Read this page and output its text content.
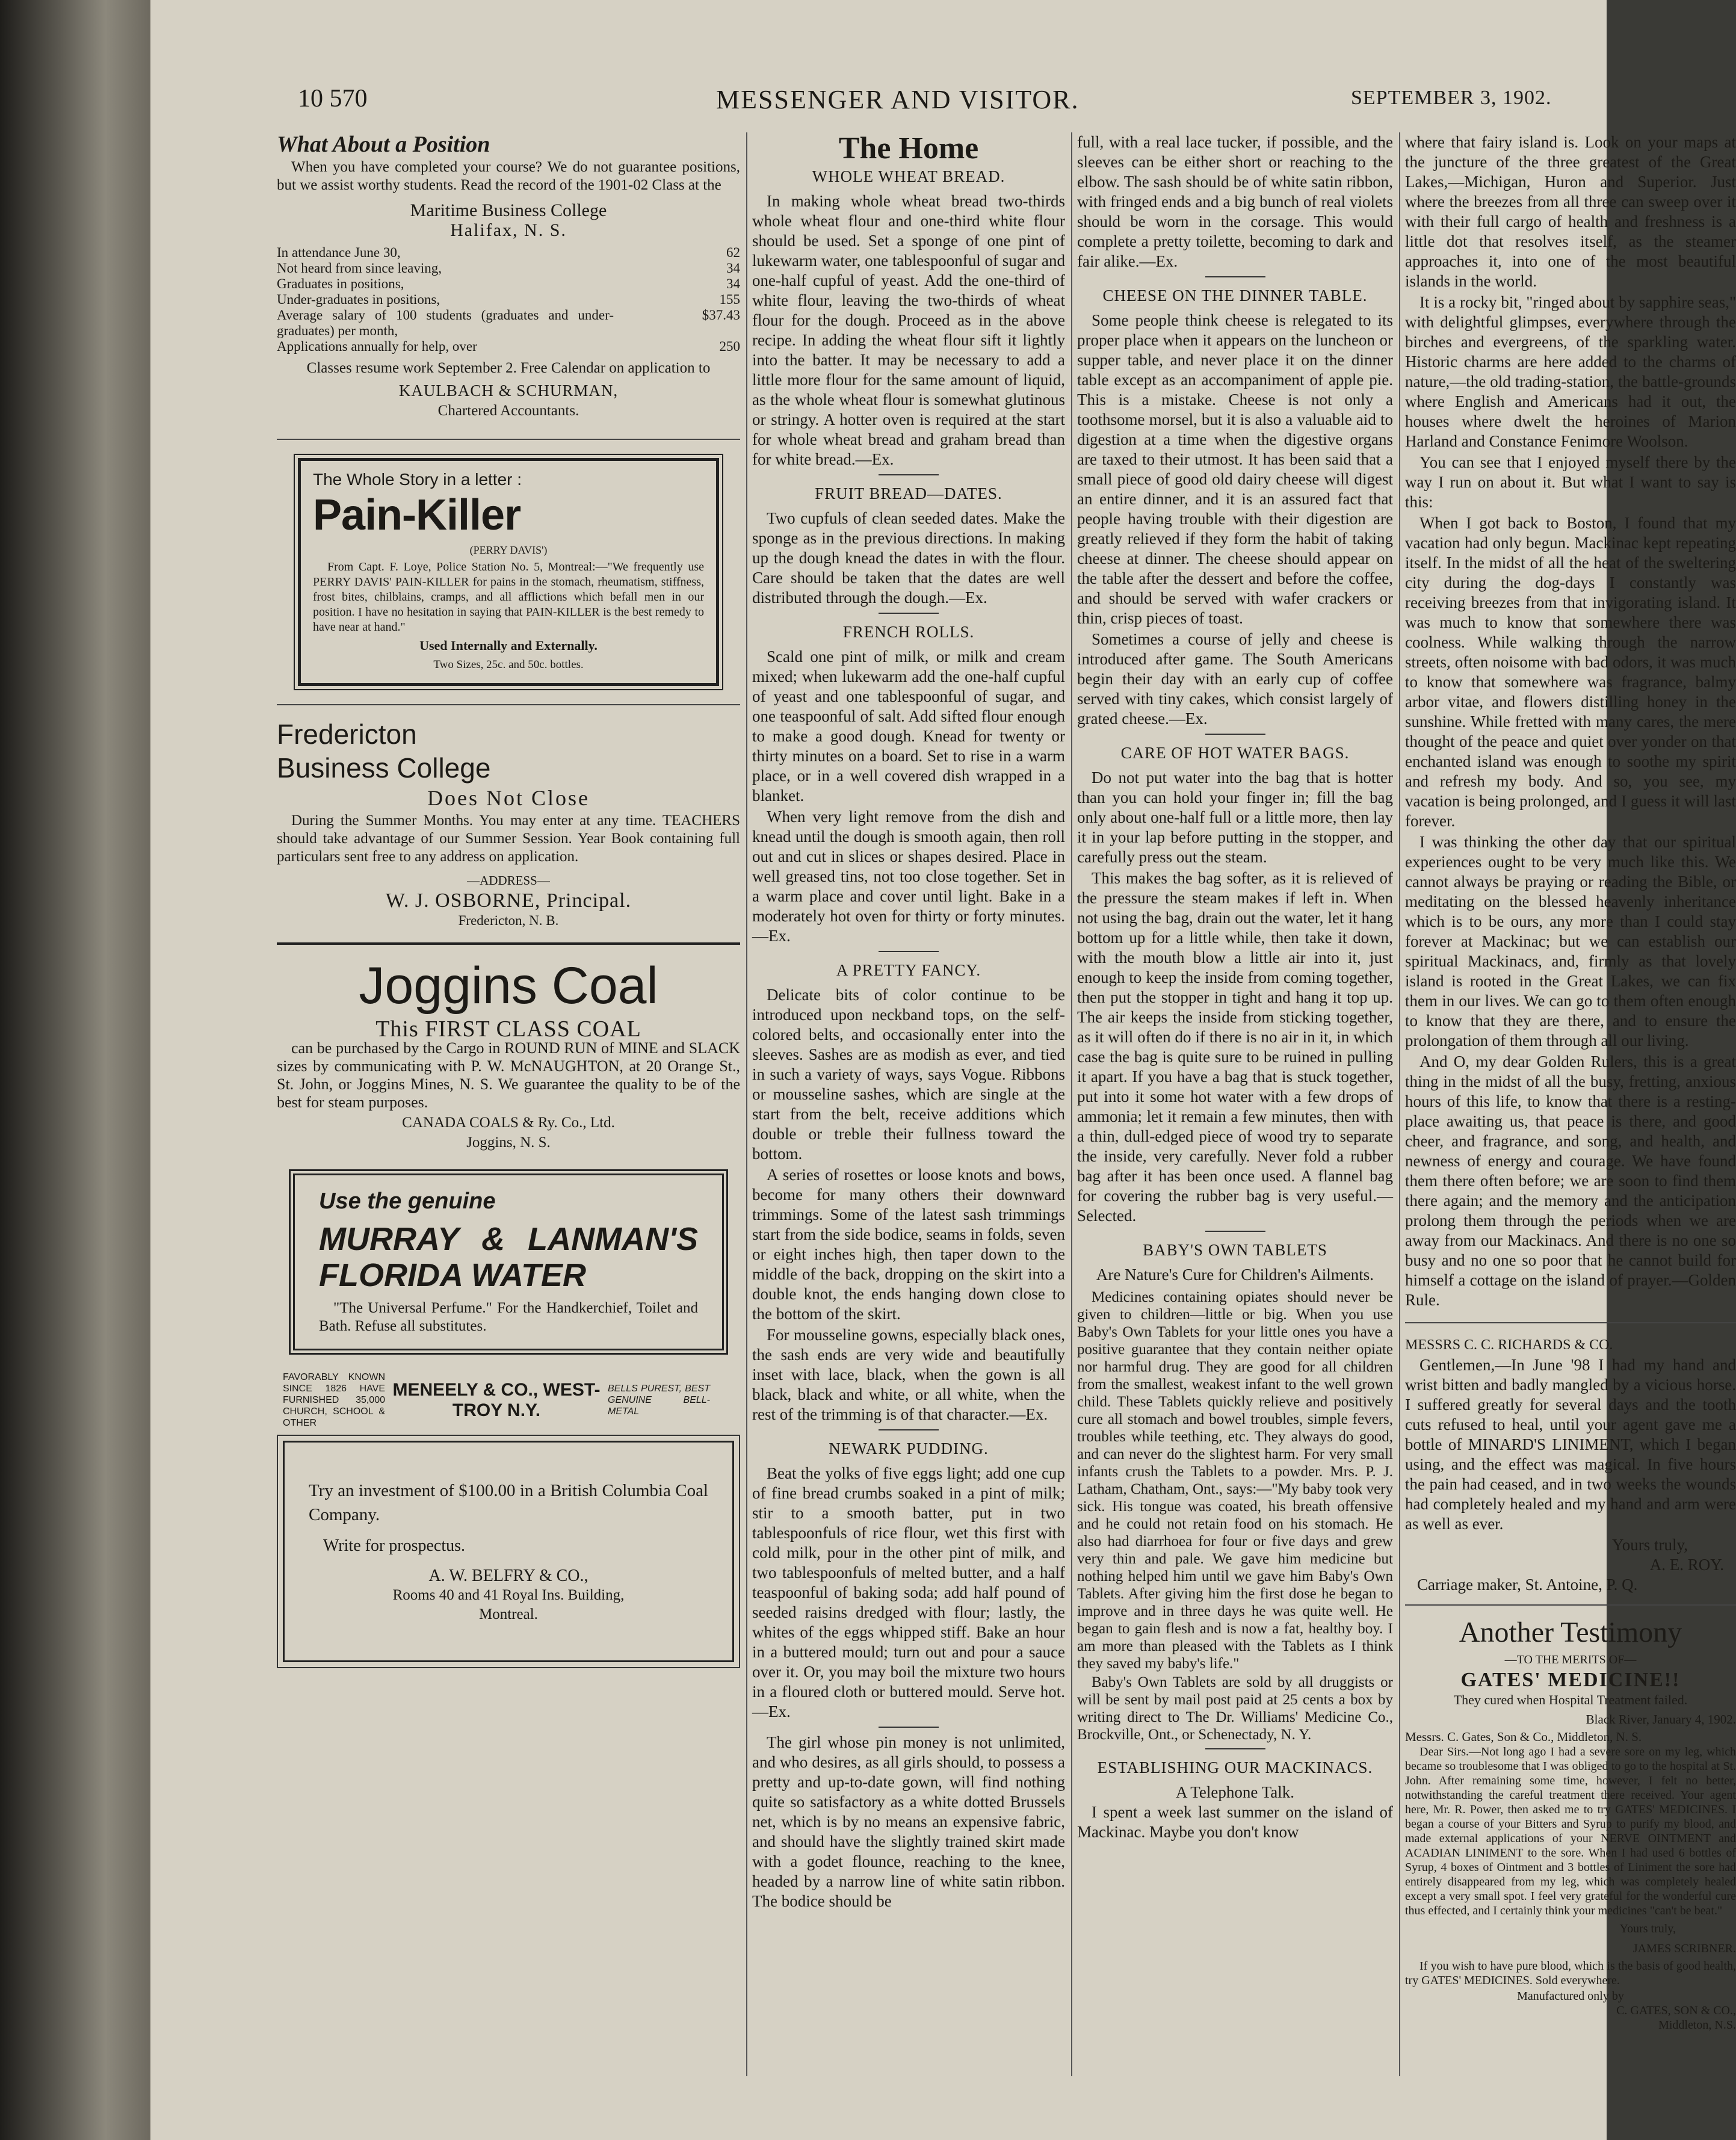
10 570	MESSENGER AND VISITOR.	SEPTEMBER 3, 1902.
What About a Position

When you have completed your course? We do not guarantee positions, but we assist worthy students. Read the record of the 1901-02 Class at the

Maritime Business College
Halifax, N. S.
In attendance June 30,	62
Not heard from since leaving,	34
Graduates in positions,	34
Under-graduates in positions,	155
Average salary of 100 students (graduates and under-graduates) per month,
$37.43
Applications annually for help, over	250
Classes resume work September 2. Free Calendar on application to
KAULBACH & SCHURMAN,
Chartered Accountants.
The Whole Story in a letter :
Pain-Killer
(PERRY DAVIS')

From Capt. F. Loye, Police Station No. 5, Montreal:—"We frequently use PERRY DAVIS' PAIN-KILLER for pains in the stomach, rheumatism, stiffness, frost bites, chilblains, cramps, and all afflictions which befall men in our position. I have no hesitation in saying that PAIN-KILLER is the best remedy to have near at hand."

Used Internally and Externally.
Two Sizes, 25c. and 50c. bottles.
Fredericton
Business College
Does Not Close

During the Summer Months. You may enter at any time. TEACHERS should take advantage of our Summer Session. Year Book containing full particulars sent free to any address on application.

—ADDRESS—
W. J. OSBORNE, Principal.
Fredericton, N. B.
Joggins Coal
This FIRST CLASS COAL

can be purchased by the Cargo in ROUND RUN of MINE and SLACK sizes by communicating with P. W. McNAUGHTON, at 20 Orange St., St. John, or Joggins Mines, N. S. We guarantee the quality to be of the best for steam purposes.

CANADA COALS & Ry. Co., Ltd.
Joggins, N. S.
Use the genuine
MURRAY & LANMAN'S FLORIDA WATER

"The Universal Perfume." For the Handkerchief, Toilet and Bath. Refuse all substitutes.

FAVORABLY KNOWN SINCE 1826 HAVE FURNISHED 35,000 CHURCH, SCHOOL & OTHER
MENEELY & CO., WEST-TROY N.Y.
BELLS PUREST, BEST GENUINE BELL-METAL

Try an investment of $100.00 in a British Columbia Coal Company.

Write for prospectus.

A. W. BELFRY & CO.,
Rooms 40 and 41 Royal Ins. Building,
Montreal.
The Home
WHOLE WHEAT BREAD.

In making whole wheat bread two-thirds whole wheat flour and one-third white flour should be used. Set a sponge of one pint of lukewarm water, one tablespoonful of sugar and one-half cupful of yeast. Add the one-third of white flour, leaving the two-thirds of wheat flour for the dough. Proceed as in the above recipe. In adding the wheat flour sift it lightly into the batter. It may be necessary to add a little more flour for the same amount of liquid, as the whole wheat flour is somewhat glutinous or stringy. A hotter oven is required at the start for whole wheat bread and graham bread than for white bread.—Ex.

FRUIT BREAD—DATES.

Two cupfuls of clean seeded dates. Make the sponge as in the previous directions. In making up the dough knead the dates in with the flour. Care should be taken that the dates are well distributed through the dough.—Ex.

FRENCH ROLLS.

Scald one pint of milk, or milk and cream mixed; when lukewarm add the one-half cupful of yeast and one tablespoonful of sugar, and one teaspoonful of salt. Add sifted flour enough to make a good dough. Knead for twenty or thirty minutes on a board. Set to rise in a warm place, or in a well covered dish wrapped in a blanket.

When very light remove from the dish and knead until the dough is smooth again, then roll out and cut in slices or shapes desired. Place in well greased tins, not too close together. Set in a warm place and cover until light. Bake in a moderately hot oven for thirty or forty minutes.—Ex.

A PRETTY FANCY.

Delicate bits of color continue to be introduced upon neckband tops, on the self-colored belts, and occasionally enter into the sleeves. Sashes are as modish as ever, and tied in such a variety of ways, says Vogue. Ribbons or mousseline sashes, which are single at the start from the belt, receive additions which double or treble their fullness toward the bottom.

A series of rosettes or loose knots and bows, become for many others their downward trimmings. Some of the latest sash trimmings start from the side bodice, seams in folds, seven or eight inches high, then taper down to the middle of the back, dropping on the skirt into a double knot, the ends hanging down close to the bottom of the skirt.

For mousseline gowns, especially black ones, the sash ends are very wide and beautifully inset with lace, black, when the gown is all black, black and white, or all white, when the rest of the trimming is of that character.—Ex.

NEWARK PUDDING.

Beat the yolks of five eggs light; add one cup of fine bread crumbs soaked in a pint of milk; stir to a smooth batter, put in two tablespoonfuls of rice flour, wet this first with cold milk, pour in the other pint of milk, and two tablespoonfuls of melted butter, and a half teaspoonful of baking soda; add half pound of seeded raisins dredged with flour; lastly, the whites of the eggs whipped stiff. Bake an hour in a buttered mould; turn out and pour a sauce over it. Or, you may boil the mixture two hours in a floured cloth or buttered mould. Serve hot.—Ex.

The girl whose pin money is not unlimited, and who desires, as all girls should, to possess a pretty and up-to-date gown, will find nothing quite so satisfactory as a white dotted Brussels net, which is by no means an expensive fabric, and should have the slightly trained skirt made with a godet flounce, reaching to the knee, headed by a narrow line of white satin ribbon. The bodice should be

full, with a real lace tucker, if possible, and the sleeves can be either short or reaching to the elbow. The sash should be of white satin ribbon, with fringed ends and a big bunch of real violets should be worn in the corsage. This would complete a pretty toilette, becoming to dark and fair alike.—Ex.

CHEESE ON THE DINNER TABLE.

Some people think cheese is relegated to its proper place when it appears on the luncheon or supper table, and never place it on the dinner table except as an accompaniment of apple pie. This is a mistake. Cheese is not only a toothsome morsel, but it is also a valuable aid to digestion at a time when the digestive organs are taxed to their utmost. It has been said that a small piece of good old dairy cheese will digest an entire dinner, and it is an assured fact that people having trouble with their digestion are greatly relieved if they form the habit of taking cheese at dinner. The cheese should appear on the table after the dessert and before the coffee, and should be served with wafer crackers or thin, crisp pieces of toast.

Sometimes a course of jelly and cheese is introduced after game. The South Americans begin their day with an early cup of coffee served with tiny cakes, which consist largely of grated cheese.—Ex.

CARE OF HOT WATER BAGS.

Do not put water into the bag that is hotter than you can hold your finger in; fill the bag only about one-half full or a little more, then lay it in your lap before putting in the stopper, and carefully press out the steam.

This makes the bag softer, as it is relieved of the pressure the steam makes if left in. When not using the bag, drain out the water, let it hang bottom up for a little while, then take it down, with the mouth blow a little air into it, just enough to keep the inside from coming together, then put the stopper in tight and hang it top up. The air keeps the inside from sticking together, as it will often do if there is no air in it, in which case the bag is quite sure to be ruined in pulling it apart. If you have a bag that is stuck together, put into it some hot water with a few drops of ammonia; let it remain a few minutes, then with a thin, dull-edged piece of wood try to separate the inside, very carefully. Never fold a rubber bag after it has been once used. A flannel bag for covering the rubber bag is very useful.—Selected.

BABY'S OWN TABLETS
Are Nature's Cure for Children's Ailments.

Medicines containing opiates should never be given to children—little or big. When you use Baby's Own Tablets for your little ones you have a positive guarantee that they contain neither opiate nor harmful drug. They are good for all children from the smallest, weakest infant to the well grown child. These Tablets quickly relieve and positively cure all stomach and bowel troubles, simple fevers, troubles while teething, etc. They always do good, and can never do the slightest harm. For very small infants crush the Tablets to a powder. Mrs. P. J. Latham, Chatham, Ont., says:—"My baby took very sick. His tongue was coated, his breath offensive and he could not retain food on his stomach. He also had diarrhoea for four or five days and grew very thin and pale. We gave him medicine but nothing helped him until we gave him Baby's Own Tablets. After giving him the first dose he began to improve and in three days he was quite well. He began to gain flesh and is now a fat, healthy boy. I am more than pleased with the Tablets as I think they saved my baby's life."

Baby's Own Tablets are sold by all druggists or will be sent by mail post paid at 25 cents a box by writing direct to The Dr. Williams' Medicine Co., Brockville, Ont., or Schenectady, N. Y.

ESTABLISHING OUR MACKINACS.
A Telephone Talk.

I spent a week last summer on the island of Mackinac. Maybe you don't know

where that fairy island is. Look on your maps at the juncture of the three greatest of the Great Lakes,—Michigan, Huron and Superior. Just where the breezes from all three can sweep over it with their full cargo of health and freshness is a little dot that resolves itself, as the steamer approaches it, into one of the most beautiful islands in the world.

It is a rocky bit, "ringed about by sapphire seas," with delightful glimpses, everywhere through the birches and evergreens, of the sparkling water. Historic charms are here added to the charms of nature,—the old trading-station, the battle-grounds where English and Americans had it out, the houses where dwelt the heroines of Marion Harland and Constance Fenimore Woolson.

You can see that I enjoyed myself there by the way I run on about it. But what I want to say is this:

When I got back to Boston, I found that my vacation had only begun. Mackinac kept repeating itself. In the midst of all the heat of the sweltering city during the dog-days I constantly was receiving breezes from that invigorating island. It was much to know that somewhere there was coolness. While walking through the narrow streets, often noisome with bad odors, it was much to know that somewhere was fragrance, balmy arbor vitae, and flowers distilling honey in the sunshine. While fretted with many cares, the mere thought of the peace and quiet over yonder on that enchanted island was enough to soothe my spirit and refresh my body. And so, you see, my vacation is being prolonged, and I guess it will last forever.

I was thinking the other day that our spiritual experiences ought to be very much like this. We cannot always be praying or reading the Bible, or meditating on the blessed heavenly inheritance which is to be ours, any more than I could stay forever at Mackinac; but we can establish our spiritual Mackinacs, and, firmly as that lovely island is rooted in the Great Lakes, we can fix them in our lives. We can go to them often enough to know that they are there, and to ensure the prolongation of them through all our living.

And O, my dear Golden Rulers, this is a great thing in the midst of all the busy, fretting, anxious hours of this life, to know that there is a resting-place awaiting us, that peace is there, and good cheer, and fragrance, and song, and health, and newness of energy and courage. We have found them there often before; we are soon to find them there again; and the memory and the anticipation prolong them through the periods when we are away from our Mackinacs. And there is no one so busy and no one so poor that he cannot build for himself a cottage on the island of prayer.—Golden Rule.

MESSRS C. C. RICHARDS & CO.

Gentlemen,—In June '98 I had my hand and wrist bitten and badly mangled by a vicious horse. I suffered greatly for several days and the tooth cuts refused to heal, until your agent gave me a bottle of MINARD'S LINIMENT, which I began using, and the effect was magical. In five hours the pain had ceased, and in two weeks the wounds had completely healed and my hand and arm were as well as ever.

Yours truly,
A. E. ROY.
Carriage maker, St. Antoine, P. Q.
Another Testimony
—TO THE MERITS OF—
GATES' MEDICINE!!
They cured when Hospital Treatment failed.
Black River, January 4, 1902.
Messrs. C. Gates, Son & Co., Middleton, N. S.

Dear Sirs.—Not long ago I had a severe sore on my leg, which became so troublesome that I was obliged to go to the hospital at St. John. After remaining some time, however, I felt no better, notwithstanding the careful treatment there received. Your agent here, Mr. R. Power, then asked me to try GATES' MEDICINES. I began a course of your Bitters and Syrup to purify my blood, and made external applications of your NERVE OINTMENT and ACADIAN LINIMENT to the sore. When I had used 6 bottles of Syrup, 4 boxes of Ointment and 3 bottles of Liniment the sore had entirely disappeared from my leg, which was completely healed except a very small spot. I feel very grateful for the wonderful cure thus effected, and I certainly think your medicines "can't be beat."

Yours truly,
JAMES SCRIBNER.

If you wish to have pure blood, which is the basis of good health, try GATES' MEDICINES. Sold everywhere.

Manufactured only by
C. GATES, SON & CO.,
Middleton, N.S.
